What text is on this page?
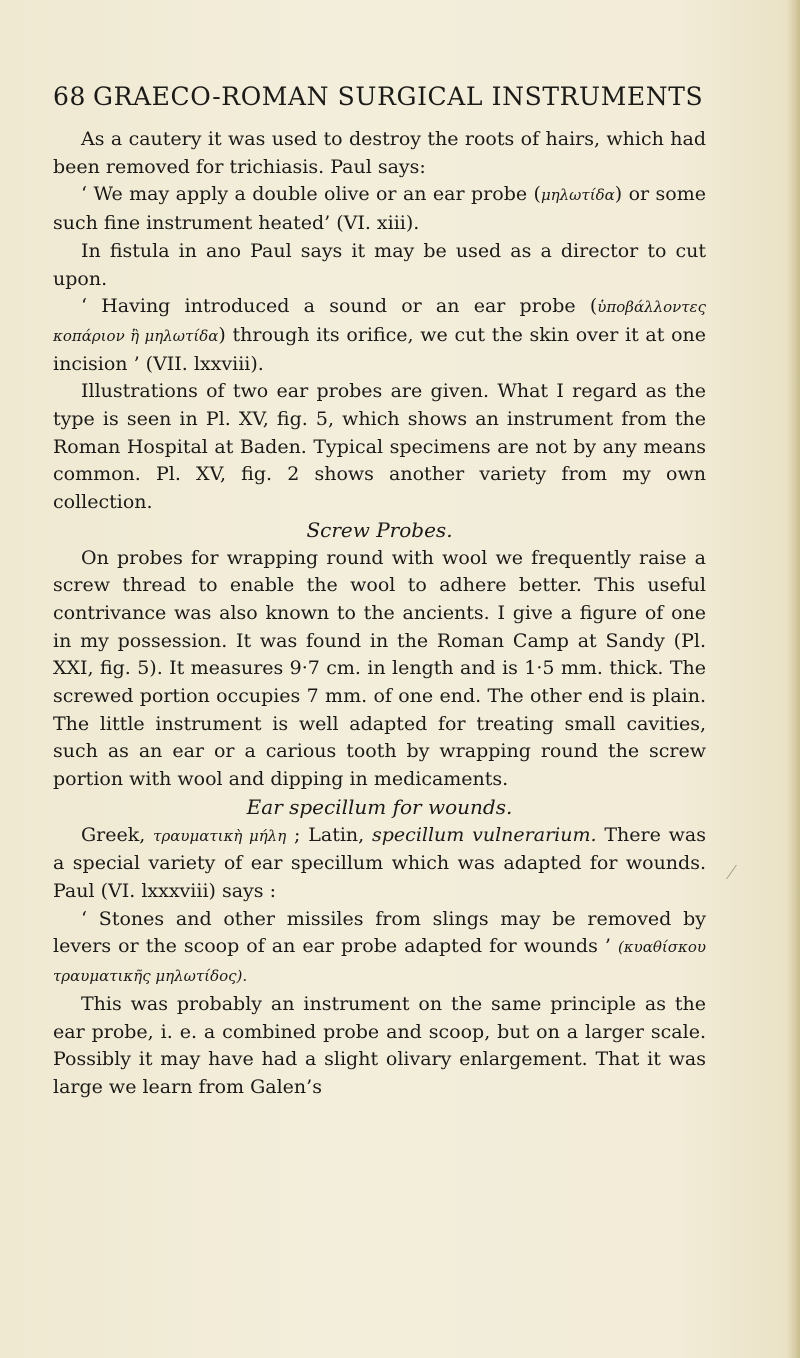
68 GRAECO-ROMAN SURGICAL INSTRUMENTS

As a cautery it was used to destroy the roots of hairs, which had been removed for trichiasis. Paul says:

‘ We may apply a double olive or an ear probe (μηλωτίδα) or some such fine instrument heated’ (VI. xiii).

In fistula in ano Paul says it may be used as a director to cut upon.

‘ Having introduced a sound or an ear probe (ὑποβάλλοντες κοπάριον ἢ μηλωτίδα) through its orifice, we cut the skin over it at one incision ’ (VII. lxxviii).

Illustrations of two ear probes are given. What I regard as the type is seen in Pl. XV, fig. 5, which shows an instrument from the Roman Hospital at Baden. Typical specimens are not by any means common. Pl. XV, fig. 2 shows another variety from my own collection.

Screw Probes.

On probes for wrapping round with wool we frequently raise a screw thread to enable the wool to adhere better. This useful contrivance was also known to the ancients. I give a figure of one in my possession. It was found in the Roman Camp at Sandy (Pl. XXI, fig. 5). It measures 9·7 cm. in length and is 1·5 mm. thick. The screwed portion occupies 7 mm. of one end. The other end is plain. The little instrument is well adapted for treating small cavities, such as an ear or a carious tooth by wrapping round the screw portion with wool and dipping in medicaments.

Ear specillum for wounds.

Greek, τραυματικὴ μήλη ; Latin, specillum vulnerarium. There was a special variety of ear specillum which was adapted for wounds. Paul (VI. lxxxviii) says :

‘ Stones and other missiles from slings may be removed by levers or the scoop of an ear probe adapted for wounds ’ (κυαθίσκου τραυματικῆς μηλωτίδος).

This was probably an instrument on the same principle as the ear probe, i. e. a combined probe and scoop, but on a larger scale. Possibly it may have had a slight olivary enlargement. That it was large we learn from Galen’s
